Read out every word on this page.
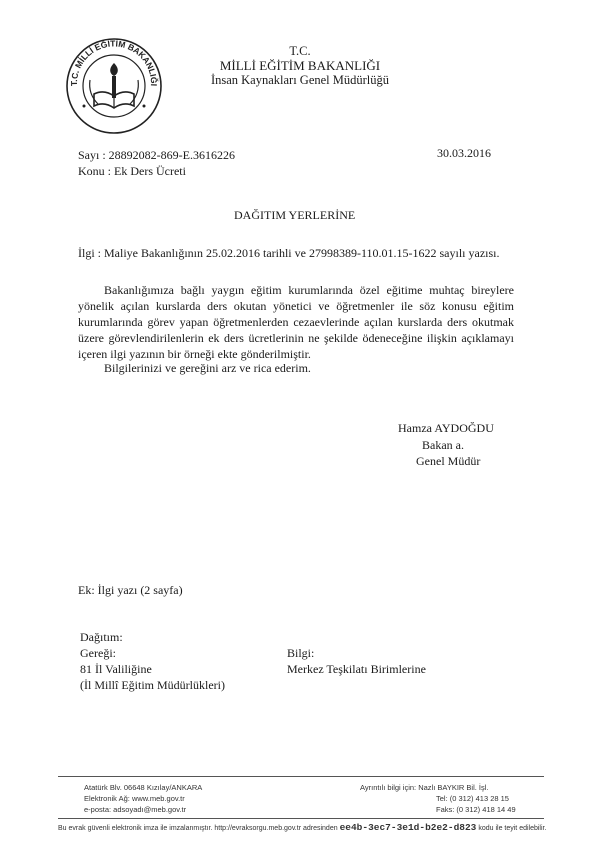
T.C. MİLLİ EĞİTİM BAKANLIĞI
T.C.
MİLLİ EĞİTİM BAKANLIĞI
İnsan Kaynakları Genel Müdürlüğü
Sayı : 28892082-869-E.3616226
Konu : Ek Ders Ücreti
30.03.2016
DAĞITIM YERLERİNE
İlgi : Maliye Bakanlığının 25.02.2016 tarihli ve 27998389-110.01.15-1622 sayılı yazısı.
Bakanlığımıza bağlı yaygın eğitim kurumlarında özel eğitime muhtaç bireylere yönelik açılan kurslarda ders okutan yönetici ve öğretmenler ile söz konusu eğitim kurumlarında görev yapan öğretmenlerden cezaevlerinde açılan kurslarda ders okutmak üzere görevlendirilenlerin ek ders ücretlerinin ne şekilde ödeneceğine ilişkin açıklamayı içeren ilgi yazının bir örneği ekte gönderilmiştir.
Bilgilerinizi ve gereğini arz ve rica ederim.
Hamza AYDOĞDU
Bakan a.
Genel Müdür
Ek: İlgi yazı (2 sayfa)
Dağıtım:
Gereği:
81 İl Valiliğine
(İl Millî Eğitim Müdürlükleri)
Bilgi:
Merkez Teşkilatı Birimlerine
Atatürk Blv. 06648 Kızılay/ANKARA
Elektronik Ağ: www.meb.gov.tr
e-posta: adsoyadı@meb.gov.tr
Ayrıntılı bilgi için: Nazlı BAYKIR Bil. İşl.
Tel: (0 312) 413 28 15
Faks: (0 312) 418 14 49
Bu evrak güvenli elektronik imza ile imzalanmıştır. http://evraksorgu.meb.gov.tr adresinden ee4b-3ec7-3e1d-b2e2-d823 kodu ile teyit edilebilir.
